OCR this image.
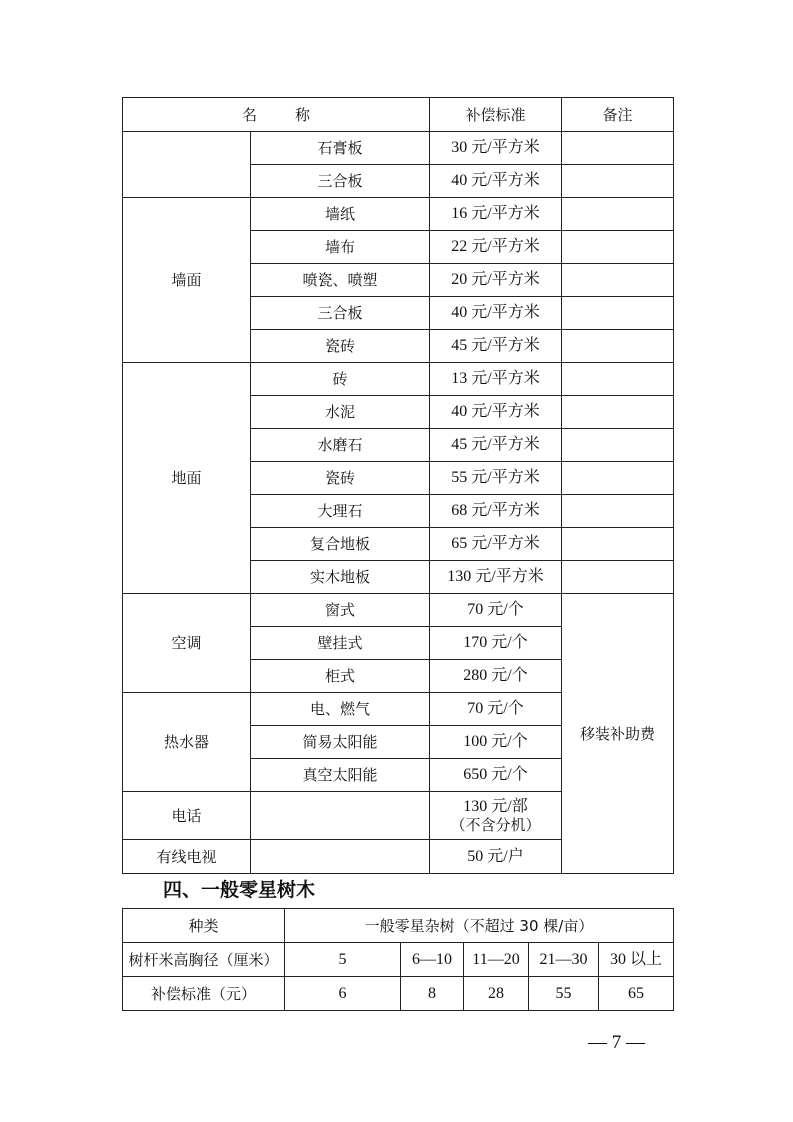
名 称		补偿标准	备注
	石膏板	30 元/平方米	
	三合板	40 元/平方米	
墙面	墙纸	16 元/平方米	
	墙布	22 元/平方米	
	喷瓷、喷塑	20 元/平方米	
	三合板	40 元/平方米	
	瓷砖	45 元/平方米	
地面	砖	13 元/平方米	
	水泥	40 元/平方米	
	水磨石	45 元/平方米	
	瓷砖	55 元/平方米	
	大理石	68 元/平方米	
	复合地板	65 元/平方米	
	实木地板	130 元/平方米	
空调	窗式	70 元/个	移装补助费
	壁挂式	170 元/个	
	柜式	280 元/个	
热水器	电、燃气	70 元/个	
	简易太阳能	100 元/个	
	真空太阳能	650 元/个	
电话		130 元/部
（不含分机）	

有线电视		50 元/户	
四、一般零星树木
种类	一般零星杂树（不超过 30 棵/亩）				
树杆米高胸径（厘米）	5	6—10	11—20	21—30	30 以上
补偿标准（元）	6	8	28	55	65
— 7 —
